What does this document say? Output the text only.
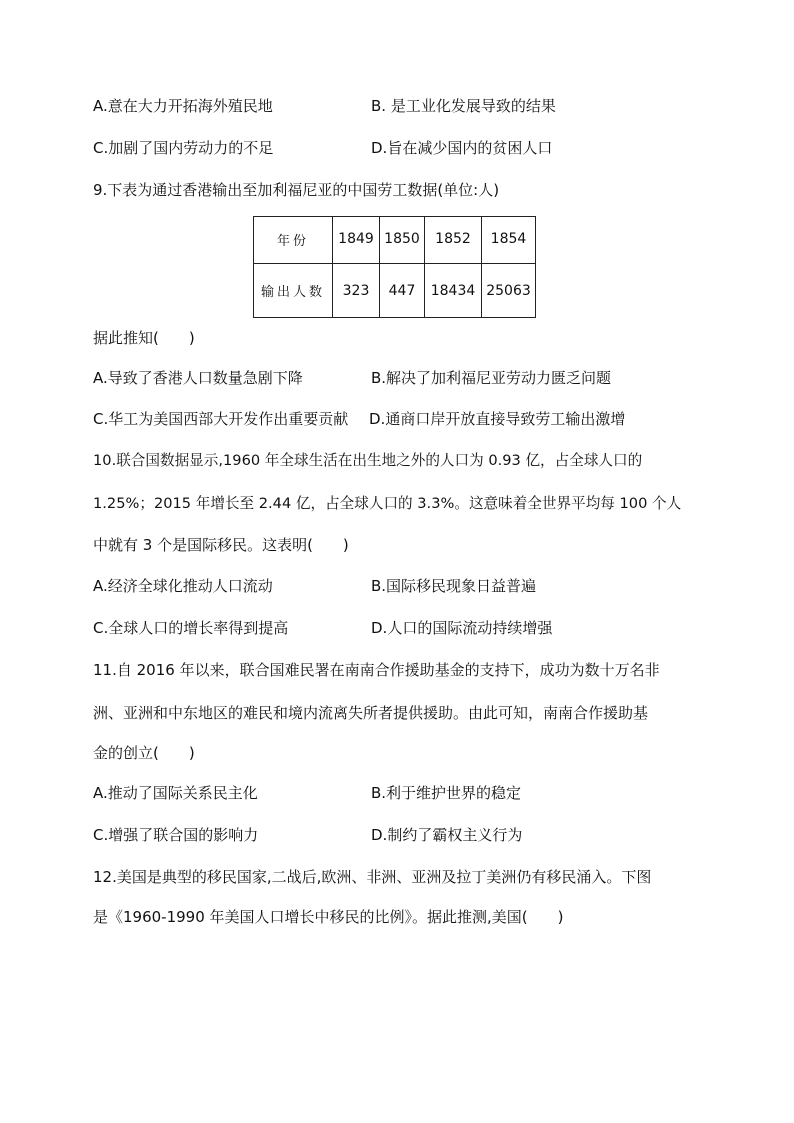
A.意在大力开拓海外殖民地	B. 是工业化发展导致的结果
C.加剧了国内劳动力的不足	D.旨在减少国内的贫困人口
9.下表为通过香港输出至加利福尼亚的中国劳工数据(单位:人)
年份	1849	1850	1852	1854
输出人数	323	447	18434	25063
据此推知(　　)
A.导致了香港人口数量急剧下降	B.解决了加利福尼亚劳动力匮乏问题
C.华工为美国西部大开发作出重要贡献 D.通商口岸开放直接导致劳工输出激增
10.联合国数据显示,1960 年全球生活在出生地之外的人口为 0.93 亿，占全球人口的
1.25%；2015 年增长至 2.44 亿，占全球人口的 3.3%。这意味着全世界平均每 100 个人
中就有 3 个是国际移民。这表明(　　)
A.经济全球化推动人口流动	B.国际移民现象日益普遍
C.全球人口的增长率得到提高	D.人口的国际流动持续增强
11.自 2016 年以来，联合国难民署在南南合作援助基金的支持下，成功为数十万名非
洲、亚洲和中东地区的难民和境内流离失所者提供援助。由此可知，南南合作援助基
金的创立(　　)
A.推动了国际关系民主化	B.利于维护世界的稳定
C.增强了联合国的影响力	D.制约了霸权主义行为
12.美国是典型的移民国家,二战后,欧洲、非洲、亚洲及拉丁美洲仍有移民涌入。下图
是《1960-1990 年美国人口增长中移民的比例》。据此推测,美国(　　)
